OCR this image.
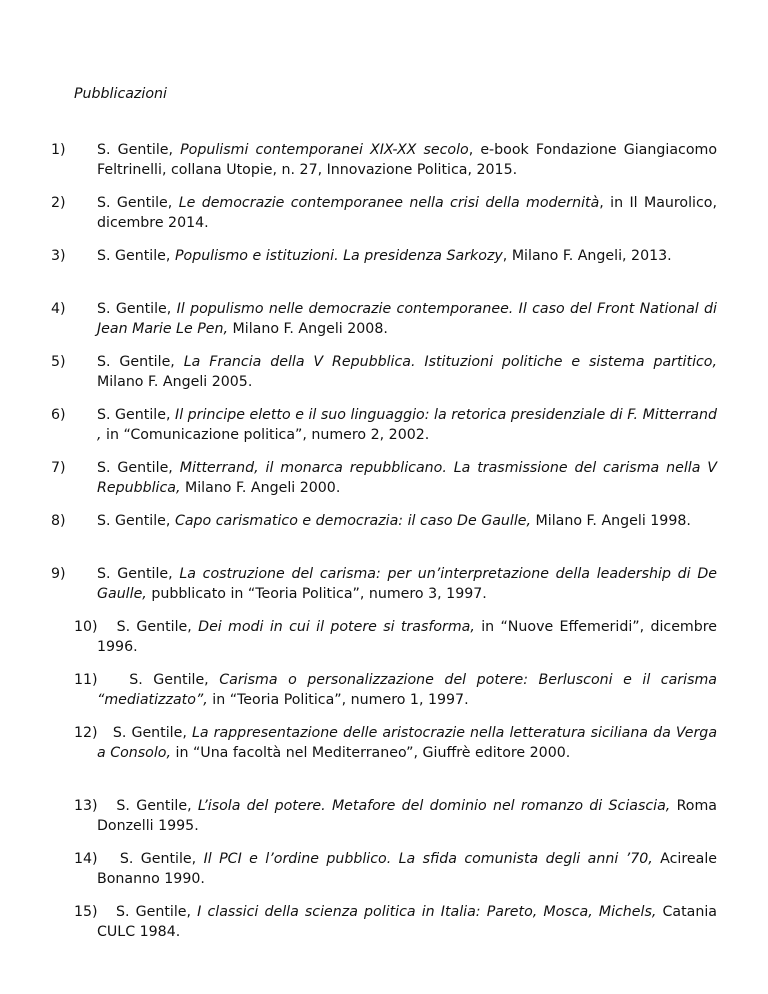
Pubblicazioni

1) S. Gentile, Populismi contemporanei XIX-XX secolo, e-book Fondazione Giangiacomo Feltrinelli, collana Utopie, n. 27, Innovazione Politica, 2015.

2) S. Gentile, Le democrazie contemporanee nella crisi della modernità, in Il Maurolico, dicembre 2014.

3) S. Gentile, Populismo e istituzioni. La presidenza Sarkozy, Milano F. Angeli, 2013.

4) S. Gentile, Il populismo nelle democrazie contemporanee. Il caso del Front National di Jean Marie Le Pen, Milano F. Angeli 2008.

5) S. Gentile, La Francia della V Repubblica. Istituzioni politiche e sistema partitico, Milano F. Angeli 2005.

6) S. Gentile, Il principe eletto e il suo linguaggio: la retorica presidenziale di F. Mitterrand , in “Comunicazione politica”, numero 2, 2002.

7) S. Gentile, Mitterrand, il monarca repubblicano. La trasmissione del carisma nella V Repubblica, Milano F. Angeli 2000.

8) S. Gentile, Capo carismatico e democrazia: il caso De Gaulle, Milano F. Angeli 1998.

9) S. Gentile, La costruzione del carisma: per un’interpretazione della leadership di De Gaulle, pubblicato in “Teoria Politica”, numero 3, 1997.

10) S. Gentile, Dei modi in cui il potere si trasforma, in “Nuove Effemeridi”, dicembre 1996.

11) S. Gentile, Carisma o personalizzazione del potere: Berlusconi e il carisma “mediatizzato”, in “Teoria Politica”, numero 1, 1997.

12) S. Gentile, La rappresentazione delle aristocrazie nella letteratura siciliana da Verga a Consolo, in “Una facoltà nel Mediterraneo”, Giuffrè editore 2000.

13) S. Gentile, L’isola del potere. Metafore del dominio nel romanzo di Sciascia, Roma Donzelli 1995.

14) S. Gentile, Il PCI e l’ordine pubblico. La sfida comunista degli anni ’70, Acireale Bonanno 1990.

15) S. Gentile, I classici della scienza politica in Italia: Pareto, Mosca, Michels, Catania CULC 1984.
